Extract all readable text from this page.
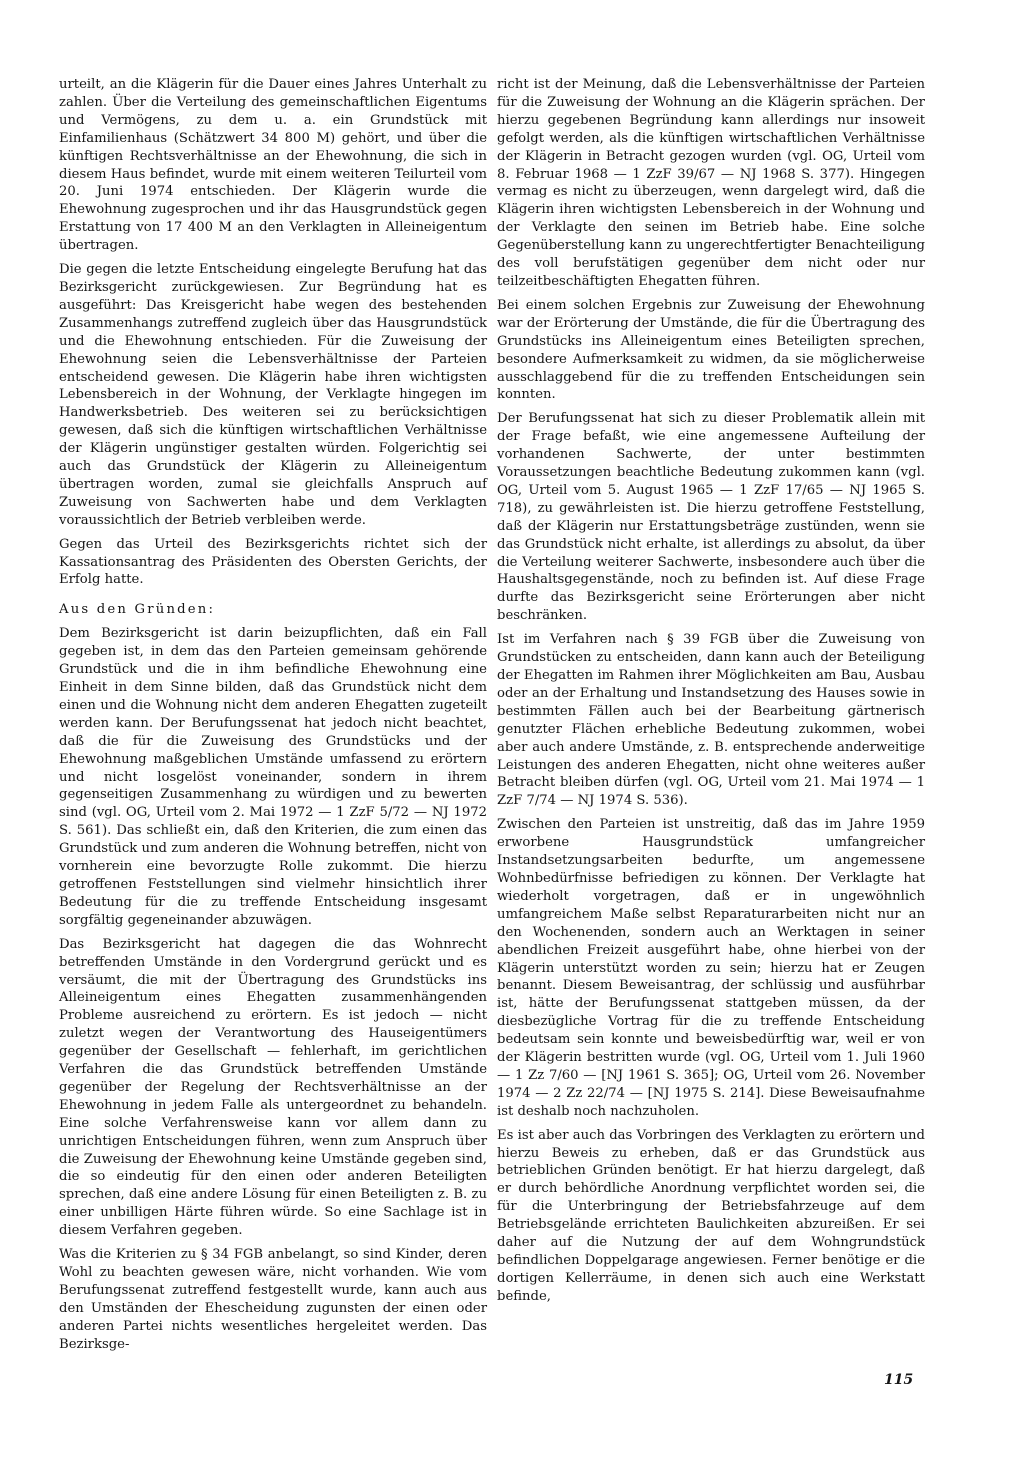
urteilt, an die Klägerin für die Dauer eines Jahres Unterhalt zu zahlen. Über die Verteilung des gemeinschaftlichen Eigentums und Vermögens, zu dem u. a. ein Grundstück mit Einfamilienhaus (Schätzwert 34 800 M) gehört, und über die künftigen Rechtsverhältnisse an der Ehewohnung, die sich in diesem Haus befindet, wurde mit einem weiteren Teilurteil vom 20. Juni 1974 entschieden. Der Klägerin wurde die Ehewohnung zugesprochen und ihr das Hausgrundstück gegen Erstattung von 17 400 M an den Verklagten in Alleineigentum übertragen.

Die gegen die letzte Entscheidung eingelegte Berufung hat das Bezirksgericht zurückgewiesen. Zur Begründung hat es ausgeführt: Das Kreisgericht habe wegen des bestehenden Zusammenhangs zutreffend zugleich über das Hausgrundstück und die Ehewohnung entschieden. Für die Zuweisung der Ehewohnung seien die Lebensverhältnisse der Parteien entscheidend gewesen. Die Klägerin habe ihren wichtigsten Lebensbereich in der Wohnung, der Verklagte hingegen im Handwerksbetrieb. Des weiteren sei zu berücksichtigen gewesen, daß sich die künftigen wirtschaftlichen Verhältnisse der Klägerin ungünstiger gestalten würden. Folgerichtig sei auch das Grundstück der Klägerin zu Alleineigentum übertragen worden, zumal sie gleichfalls Anspruch auf Zuweisung von Sachwerten habe und dem Verklagten voraussichtlich der Betrieb verbleiben werde.

Gegen das Urteil des Bezirksgerichts richtet sich der Kassationsantrag des Präsidenten des Obersten Gerichts, der Erfolg hatte.

Aus den Gründen:

Dem Bezirksgericht ist darin beizupflichten, daß ein Fall gegeben ist, in dem das den Parteien gemeinsam gehörende Grundstück und die in ihm befindliche Ehewohnung eine Einheit in dem Sinne bilden, daß das Grundstück nicht dem einen und die Wohnung nicht dem anderen Ehegatten zugeteilt werden kann. Der Berufungssenat hat jedoch nicht beachtet, daß die für die Zuweisung des Grundstücks und der Ehewohnung maßgeblichen Umstände umfassend zu erörtern und nicht losgelöst voneinander, sondern in ihrem gegenseitigen Zusammenhang zu würdigen und zu bewerten sind (vgl. OG, Urteil vom 2. Mai 1972 — 1 ZzF 5/72 — NJ 1972 S. 561). Das schließt ein, daß den Kriterien, die zum einen das Grundstück und zum anderen die Wohnung betreffen, nicht von vornherein eine bevorzugte Rolle zukommt. Die hierzu getroffenen Feststellungen sind vielmehr hinsichtlich ihrer Bedeutung für die zu treffende Entscheidung insgesamt sorgfältig gegeneinander abzuwägen.

Das Bezirksgericht hat dagegen die das Wohnrecht betreffenden Umstände in den Vordergrund gerückt und es versäumt, die mit der Übertragung des Grundstücks ins Alleineigentum eines Ehegatten zusammenhängenden Probleme ausreichend zu erörtern. Es ist jedoch — nicht zuletzt wegen der Verantwortung des Hauseigentümers gegenüber der Gesellschaft — fehlerhaft, im gerichtlichen Verfahren die das Grundstück betreffenden Umstände gegenüber der Regelung der Rechtsverhältnisse an der Ehewohnung in jedem Falle als untergeordnet zu behandeln. Eine solche Verfahrensweise kann vor allem dann zu unrichtigen Entscheidungen führen, wenn zum Anspruch über die Zuweisung der Ehewohnung keine Umstände gegeben sind, die so eindeutig für den einen oder anderen Beteiligten sprechen, daß eine andere Lösung für einen Beteiligten z. B. zu einer unbilligen Härte führen würde. So eine Sachlage ist in diesem Verfahren gegeben.

Was die Kriterien zu § 34 FGB anbelangt, so sind Kinder, deren Wohl zu beachten gewesen wäre, nicht vorhanden. Wie vom Berufungssenat zutreffend festgestellt wurde, kann auch aus den Umständen der Ehescheidung zugunsten der einen oder anderen Partei nichts wesentliches hergeleitet werden. Das Bezirksge-

richt ist der Meinung, daß die Lebensverhältnisse der Parteien für die Zuweisung der Wohnung an die Klägerin sprächen. Der hierzu gegebenen Begründung kann allerdings nur insoweit gefolgt werden, als die künftigen wirtschaftlichen Verhältnisse der Klägerin in Betracht gezogen wurden (vgl. OG, Urteil vom 8. Februar 1968 — 1 ZzF 39/67 — NJ 1968 S. 377). Hingegen vermag es nicht zu überzeugen, wenn dargelegt wird, daß die Klägerin ihren wichtigsten Lebensbereich in der Wohnung und der Verklagte den seinen im Betrieb habe. Eine solche Gegenüberstellung kann zu ungerechtfertigter Benachteiligung des voll berufstätigen gegenüber dem nicht oder nur teilzeitbeschäftigten Ehegatten führen.

Bei einem solchen Ergebnis zur Zuweisung der Ehewohnung war der Erörterung der Umstände, die für die Übertragung des Grundstücks ins Alleineigentum eines Beteiligten sprechen, besondere Aufmerksamkeit zu widmen, da sie möglicherweise ausschlaggebend für die zu treffenden Entscheidungen sein konnten.

Der Berufungssenat hat sich zu dieser Problematik allein mit der Frage befaßt, wie eine angemessene Aufteilung der vorhandenen Sachwerte, der unter bestimmten Voraussetzungen beachtliche Bedeutung zukommen kann (vgl. OG, Urteil vom 5. August 1965 — 1 ZzF 17/65 — NJ 1965 S. 718), zu gewährleisten ist. Die hierzu getroffene Feststellung, daß der Klägerin nur Erstattungsbeträge zustünden, wenn sie das Grundstück nicht erhalte, ist allerdings zu absolut, da über die Verteilung weiterer Sachwerte, insbesondere auch über die Haushaltsgegenstände, noch zu befinden ist. Auf diese Frage durfte das Bezirksgericht seine Erörterungen aber nicht beschränken.

Ist im Verfahren nach § 39 FGB über die Zuweisung von Grundstücken zu entscheiden, dann kann auch der Beteiligung der Ehegatten im Rahmen ihrer Möglichkeiten am Bau, Ausbau oder an der Erhaltung und Instandsetzung des Hauses sowie in bestimmten Fällen auch bei der Bearbeitung gärtnerisch genutzter Flächen erhebliche Bedeutung zukommen, wobei aber auch andere Umstände, z. B. entsprechende anderweitige Leistungen des anderen Ehegatten, nicht ohne weiteres außer Betracht bleiben dürfen (vgl. OG, Urteil vom 21. Mai 1974 — 1 ZzF 7/74 — NJ 1974 S. 536).

Zwischen den Parteien ist unstreitig, daß das im Jahre 1959 erworbene Hausgrundstück umfangreicher Instandsetzungsarbeiten bedurfte, um angemessene Wohnbedürfnisse befriedigen zu können. Der Verklagte hat wiederholt vorgetragen, daß er in ungewöhnlich umfangreichem Maße selbst Reparaturarbeiten nicht nur an den Wochenenden, sondern auch an Werktagen in seiner abendlichen Freizeit ausgeführt habe, ohne hierbei von der Klägerin unterstützt worden zu sein; hierzu hat er Zeugen benannt. Diesem Beweisantrag, der schlüssig und ausführbar ist, hätte der Berufungssenat stattgeben müssen, da der diesbezügliche Vortrag für die zu treffende Entscheidung bedeutsam sein konnte und beweisbedürftig war, weil er von der Klägerin bestritten wurde (vgl. OG, Urteil vom 1. Juli 1960 — 1 Zz 7/60 — [NJ 1961 S. 365]; OG, Urteil vom 26. November 1974 — 2 Zz 22/74 — [NJ 1975 S. 214]. Diese Beweisaufnahme ist deshalb noch nachzuholen.

Es ist aber auch das Vorbringen des Verklagten zu erörtern und hierzu Beweis zu erheben, daß er das Grundstück aus betrieblichen Gründen benötigt. Er hat hierzu dargelegt, daß er durch behördliche Anordnung verpflichtet worden sei, die für die Unterbringung der Betriebsfahrzeuge auf dem Betriebsgelände errichteten Baulichkeiten abzureißen. Er sei daher auf die Nutzung der auf dem Wohngrundstück befindlichen Doppelgarage angewiesen. Ferner benötige er die dortigen Kellerräume, in denen sich auch eine Werkstatt befinde,

115
